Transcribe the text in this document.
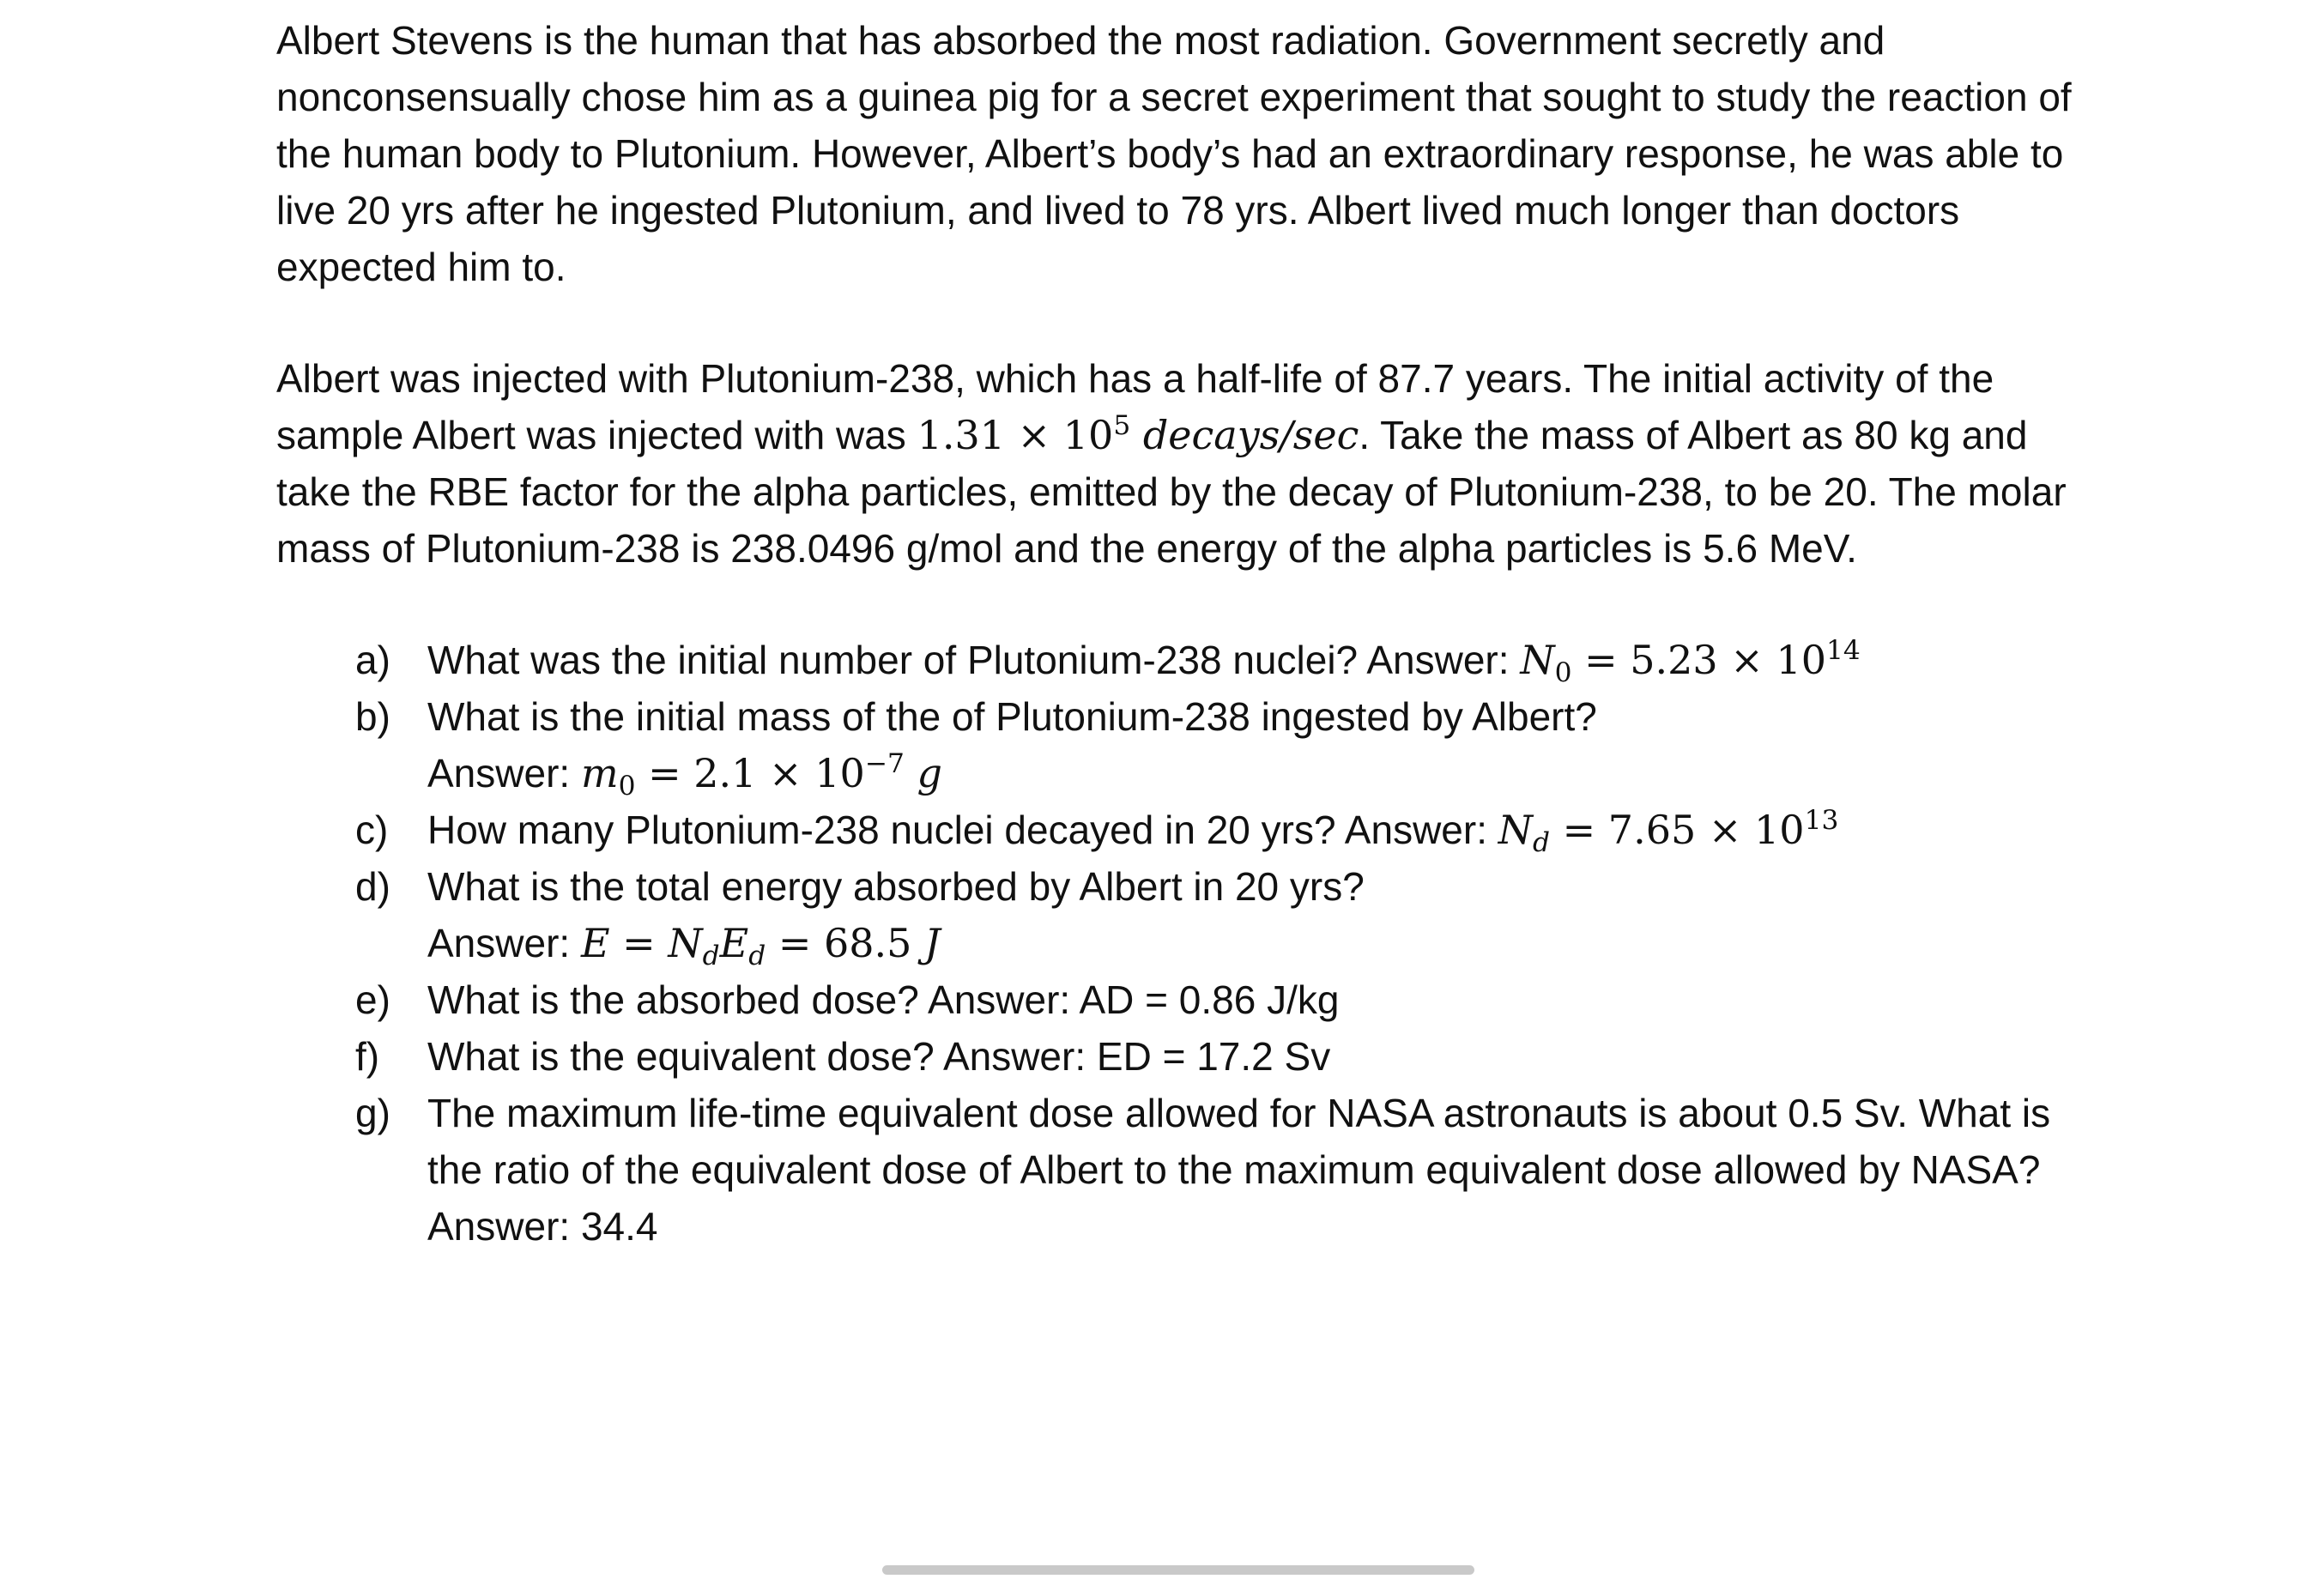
Albert Stevens is the human that has absorbed the most radiation. Government secretly and nonconsensually chose him as a guinea pig for a secret experiment that sought to study the reaction of the human body to Plutonium. However, Albert’s body’s had an extraordinary response, he was able to live 20 yrs after he ingested Plutonium, and lived to 78 yrs. Albert lived much longer than doctors expected him to.

Albert was injected with Plutonium-238, which has a half-life of 87.7 years. The initial activity of the sample Albert was injected with was $1.31 \times 10^5$ decays/sec. Take the mass of Albert as 80 kg and take the RBE factor for the alpha particles, emitted by the decay of Plutonium-238, to be 20. The molar mass of Plutonium-238 is 238.0496 g/mol and the energy of the alpha particles is 5.6 MeV.

a) What was the initial number of Plutonium-238 nuclei? Answer: $N_0 = 5.23 \times 10^{14}$
b) What is the initial mass of the of Plutonium-238 ingested by Albert?
Answer: $m_0 = 2.1 \times 10^{-7}$ g
c) How many Plutonium-238 nuclei decayed in 20 yrs? Answer: $N_d = 7.65 \times 10^{13}$
d) What is the total energy absorbed by Albert in 20 yrs?
Answer: $E = N_dE_d = 68.5$ J
e) What is the absorbed dose? Answer: AD = 0.86 J/kg
f) What is the equivalent dose? Answer: ED = 17.2 Sv
g) The maximum life-time equivalent dose allowed for NASA astronauts is about 0.5 Sv. What is the ratio of the equivalent dose of Albert to the maximum equivalent dose allowed by NASA? Answer: 34.4
